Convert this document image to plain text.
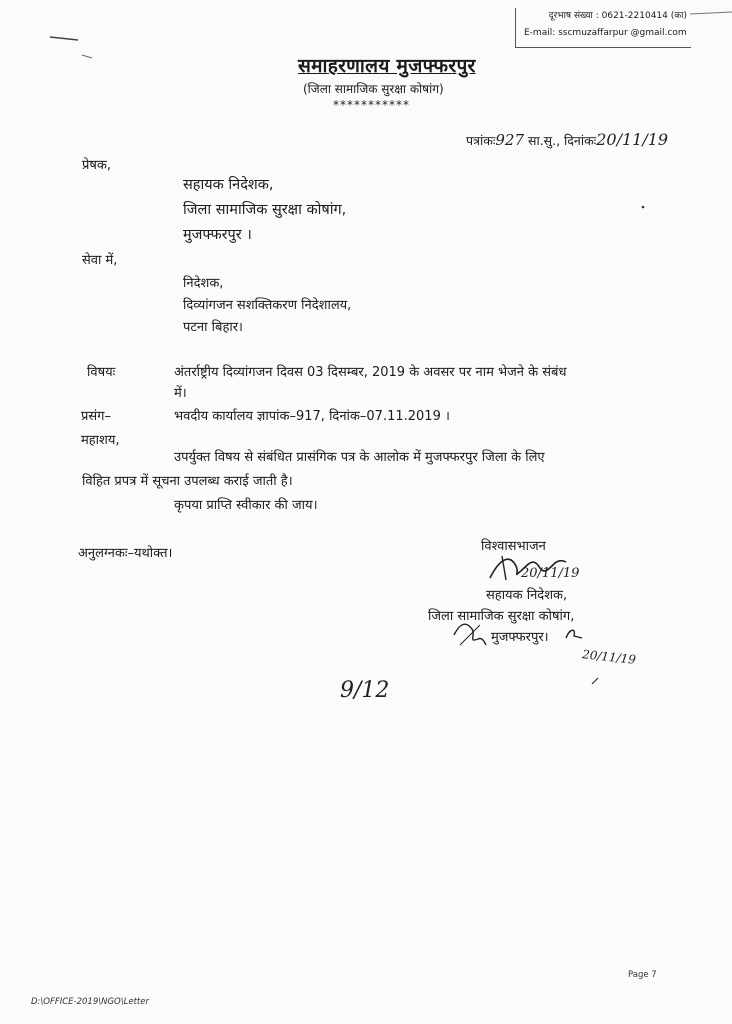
दूरभाष संख्या : 0621-2210414 (का)
E-mail: sscmuzaffarpur @gmail.com
समाहरणालय मुजफ्फरपुर
(जिला सामाजिक सुरक्षा कोषांग)
***********
पत्रांकः927 सा.सु., दिनांकः20/11/19
प्रेषक,
सहायक निदेशक,
जिला सामाजिक सुरक्षा कोषांग,
मुजफ्फरपुर ।
सेवा में,
निदेशक,
दिव्यांगजन सशक्तिकरण निदेशालय,
पटना बिहार।
विषयः	अंतर्राष्ट्रीय दिव्यांगजन दिवस 03 दिसम्बर, 2019 के अवसर पर नाम भेजने के संबंध
में।
प्रसंग–	भवदीय कार्यालय ज्ञापांक–917, दिनांक–07.11.2019 ।
महाशय,
उपर्युक्त विषय से संबंधित प्रासंगिक पत्र के आलोक में मुजफ्फरपुर जिला के लिए
विहित प्रपत्र में सूचना उपलब्ध कराई जाती है।
कृपया प्राप्ति स्वीकार की जाय।
अनुलग्नकः–यथोक्त।	विश्वासभाजन
20/11/19
सहायक निदेशक,
जिला सामाजिक सुरक्षा कोषांग,
मुजफ्फरपुर।
20/11/19
9/12
Page 7
D:\OFFICE-2019\NGO\Letter
